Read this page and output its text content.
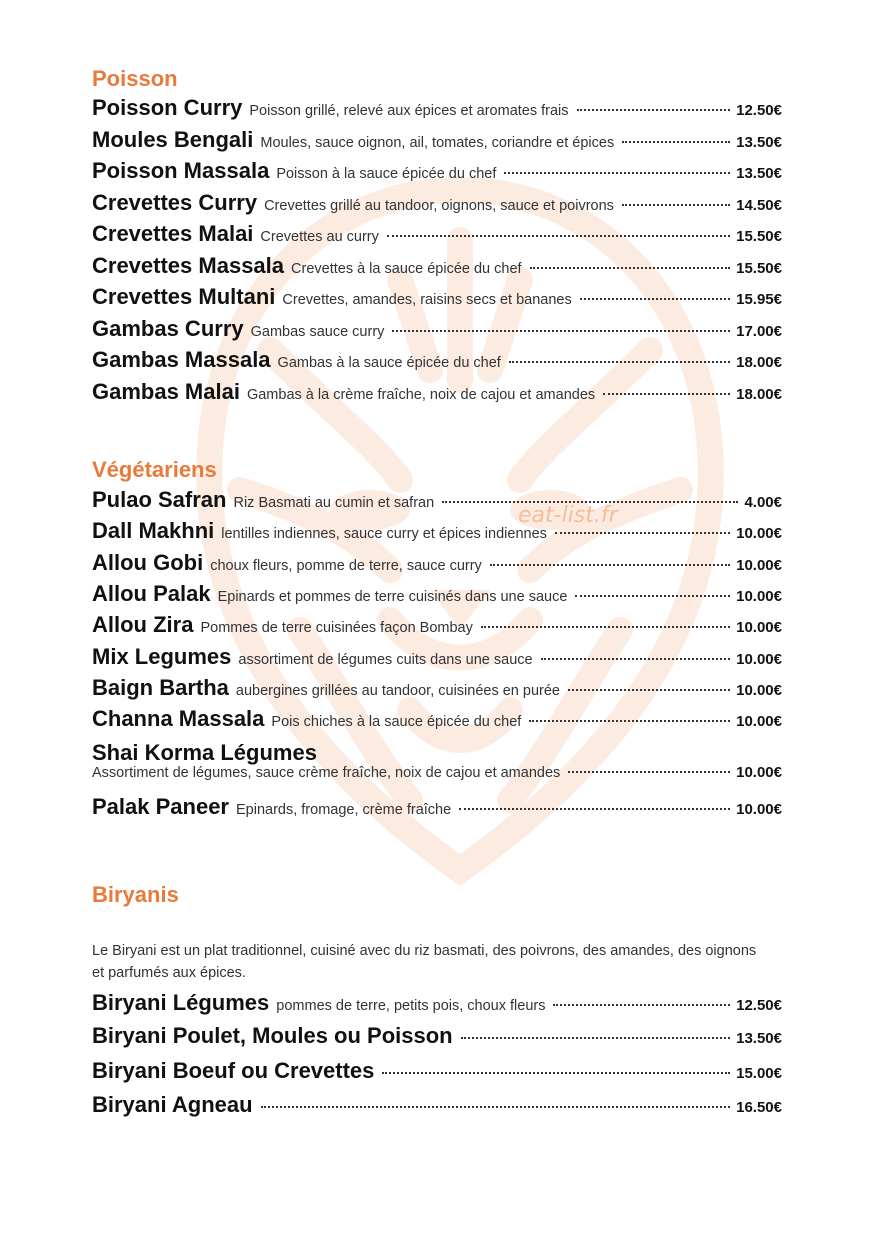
eat-list.fr
Poisson
Poisson Curry Poisson grillé, relevé aux épices et aromates frais	12.50€
Moules Bengali Moules, sauce oignon, ail, tomates, coriandre et épices	13.50€
Poisson Massala Poisson à la sauce épicée du chef	13.50€
Crevettes Curry Crevettes grillé au tandoor, oignons, sauce et poivrons	14.50€
Crevettes Malai Crevettes au curry	15.50€
Crevettes Massala Crevettes à la sauce épicée du chef	15.50€
Crevettes Multani Crevettes, amandes, raisins secs et bananes	15.95€
Gambas Curry Gambas sauce curry	17.00€
Gambas Massala Gambas à la sauce épicée du chef	18.00€
Gambas Malai Gambas à la crème fraîche, noix de cajou et amandes	18.00€
Végétariens
Pulao Safran Riz Basmati au cumin et safran	4.00€
Dall Makhni lentilles indiennes, sauce curry et épices indiennes	10.00€
Allou Gobi choux fleurs, pomme de terre, sauce curry	10.00€
Allou Palak Epinards et pommes de terre cuisinés dans une sauce	10.00€
Allou Zira Pommes de terre cuisinées façon Bombay	10.00€
Mix Legumes assortiment de légumes cuits dans une sauce	10.00€
Baign Bartha aubergines grillées au tandoor, cuisinées en purée	10.00€
Channa Massala Pois chiches à la sauce épicée du chef	10.00€
Shai Korma Légumes
Assortiment de légumes, sauce crème fraîche, noix de cajou et amandes	10.00€
Palak Paneer Epinards, fromage, crème fraîche	10.00€
Biryanis
Le Biryani est un plat traditionnel, cuisiné avec du riz basmati, des poivrons, des amandes, des oignons et parfumés aux épices.
Biryani Légumes pommes de terre, petits pois, choux fleurs	12.50€
Biryani Poulet, Moules ou Poisson	13.50€
Biryani Boeuf ou Crevettes	15.00€
Biryani Agneau	16.50€
